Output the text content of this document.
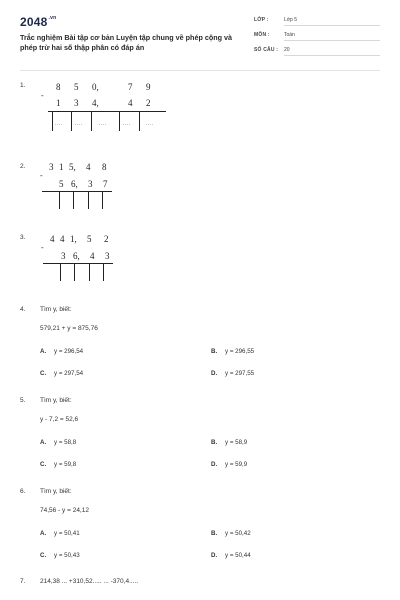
$2048^{.vn}$
Trắc nghiệm Bài tập cơ bản Luyện tập chung về phép cộng và phép trừ hai số thập phân có đáp án
LỚP :	Lớp 5
MÔN :	Toán
SỐ CÂU : 20
1.	8 5 0,	7 9
-
1 3 4,	4 2
.... ....	....	....	....
2.	3 1 5, 4 8
-
5 6, 3 7
3.	4 4 1, 5 2
-
3 6, 4 3
4. Tìm y, biết:
579,21 + y = 875,76
A. y = 296,54	B. y = 296,55
C. y = 297,54	D. y = 297,55
5. Tìm y, biết:
y - 7,2 = 52,6
A. y = 58,8	B. y = 58,9
C. y = 59,8	D. y = 59,9
6. Tìm y, biết:
74,56 - y = 24,12
A. y = 50,41	B. y = 50,42
C. y = 50,43	D. y = 50,44
7. 214,38 ... +310,52..... ... -370,4.....
